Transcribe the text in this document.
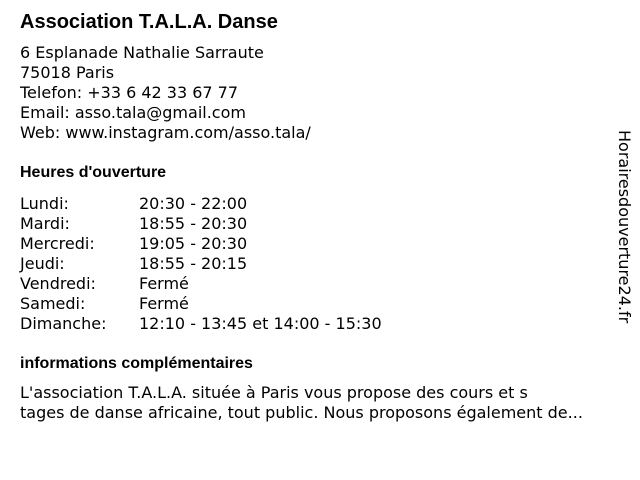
Association T.A.L.A. Danse
6 Esplanade Nathalie Sarraute
75018 Paris
Telefon: +33 6 42 33 67 77
Email: asso.tala@gmail.com
Web: www.instagram.com/asso.tala/
Heures d'ouverture
Lundi:	20:30 - 22:00
Mardi:	18:55 - 20:30
Mercredi:	19:05 - 20:30
Jeudi:	18:55 - 20:15
Vendredi:	Fermé
Samedi:	Fermé
Dimanche: 12:10 - 13:45 et 14:00 - 15:30
informations complémentaires
L'association T.A.L.A. située à Paris vous propose des cours et s
tages de danse africaine, tout public. Nous proposons également de...
Horairesdouverture24.fr
